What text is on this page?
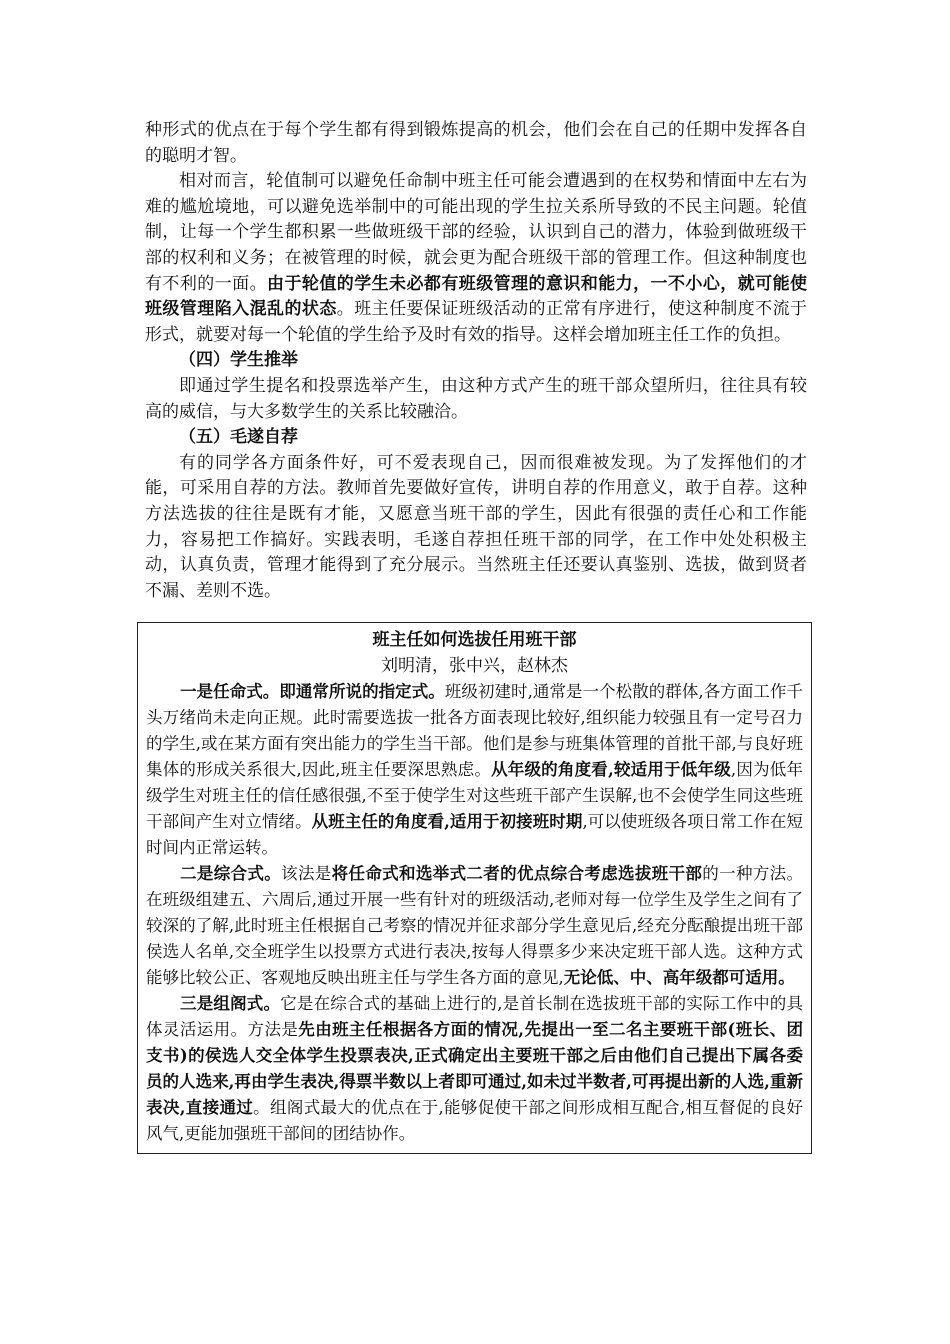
种形式的优点在于每个学生都有得到锻炼提高的机会，他们会在自己的任期中发挥各自的聪明才智。

相对而言，轮值制可以避免任命制中班主任可能会遭遇到的在权势和情面中左右为难的尴尬境地，可以避免选举制中的可能出现的学生拉关系所导致的不民主问题。轮值制，让每一个学生都积累一些做班级干部的经验，认识到自己的潜力，体验到做班级干部的权利和义务；在被管理的时候，就会更为配合班级干部的管理工作。但这种制度也有不利的一面。由于轮值的学生未必都有班级管理的意识和能力，一不小心，就可能使班级管理陷入混乱的状态。班主任要保证班级活动的正常有序进行，使这种制度不流于形式，就要对每一个轮值的学生给予及时有效的指导。这样会增加班主任工作的负担。

（四）学生推举

即通过学生提名和投票选举产生，由这种方式产生的班干部众望所归，往往具有较高的威信，与大多数学生的关系比较融洽。

（五）毛遂自荐

有的同学各方面条件好，可不爱表现自己，因而很难被发现。为了发挥他们的才能，可采用自荐的方法。教师首先要做好宣传，讲明自荐的作用意义，敢于自荐。这种方法选拔的往往是既有才能，又愿意当班干部的学生，因此有很强的责任心和工作能力，容易把工作搞好。实践表明，毛遂自荐担任班干部的同学，在工作中处处积极主动，认真负责，管理才能得到了充分展示。当然班主任还要认真鉴别、选拔，做到贤者不漏、差则不选。

班主任如何选拔任用班干部
刘明清，张中兴，赵林杰

一是任命式。即通常所说的指定式。班级初建时,通常是一个松散的群体,各方面工作千头万绪尚未走向正规。此时需要选拔一批各方面表现比较好,组织能力较强且有一定号召力的学生,或在某方面有突出能力的学生当干部。他们是参与班集体管理的首批干部,与良好班集体的形成关系很大,因此,班主任要深思熟虑。从年级的角度看,较适用于低年级,因为低年级学生对班主任的信任感很强,不至于使学生对这些班干部产生误解,也不会使学生同这些班干部间产生对立情绪。从班主任的角度看,适用于初接班时期,可以使班级各项日常工作在短时间内正常运转。

二是综合式。该法是将任命式和选举式二者的优点综合考虑选拔班干部的一种方法。在班级组建五、六周后,通过开展一些有针对的班级活动,老师对每一位学生及学生之间有了较深的了解,此时班主任根据自己考察的情况并征求部分学生意见后,经充分酝酿提出班干部侯选人名单,交全班学生以投票方式进行表决,按每人得票多少来决定班干部人选。这种方式能够比较公正、客观地反映出班主任与学生各方面的意见,无论低、中、高年级都可适用。

三是组阁式。它是在综合式的基础上进行的,是首长制在选拔班干部的实际工作中的具体灵活运用。方法是先由班主任根据各方面的情况,先提出一至二名主要班干部(班长、团支书)的侯选人交全体学生投票表决,正式确定出主要班干部之后由他们自己提出下属各委员的人选来,再由学生表决,得票半数以上者即可通过,如未过半数者,可再提出新的人选,重新表决,直接通过。组阁式最大的优点在于,能够促使干部之间形成相互配合,相互督促的良好风气,更能加强班干部间的团结协作。
